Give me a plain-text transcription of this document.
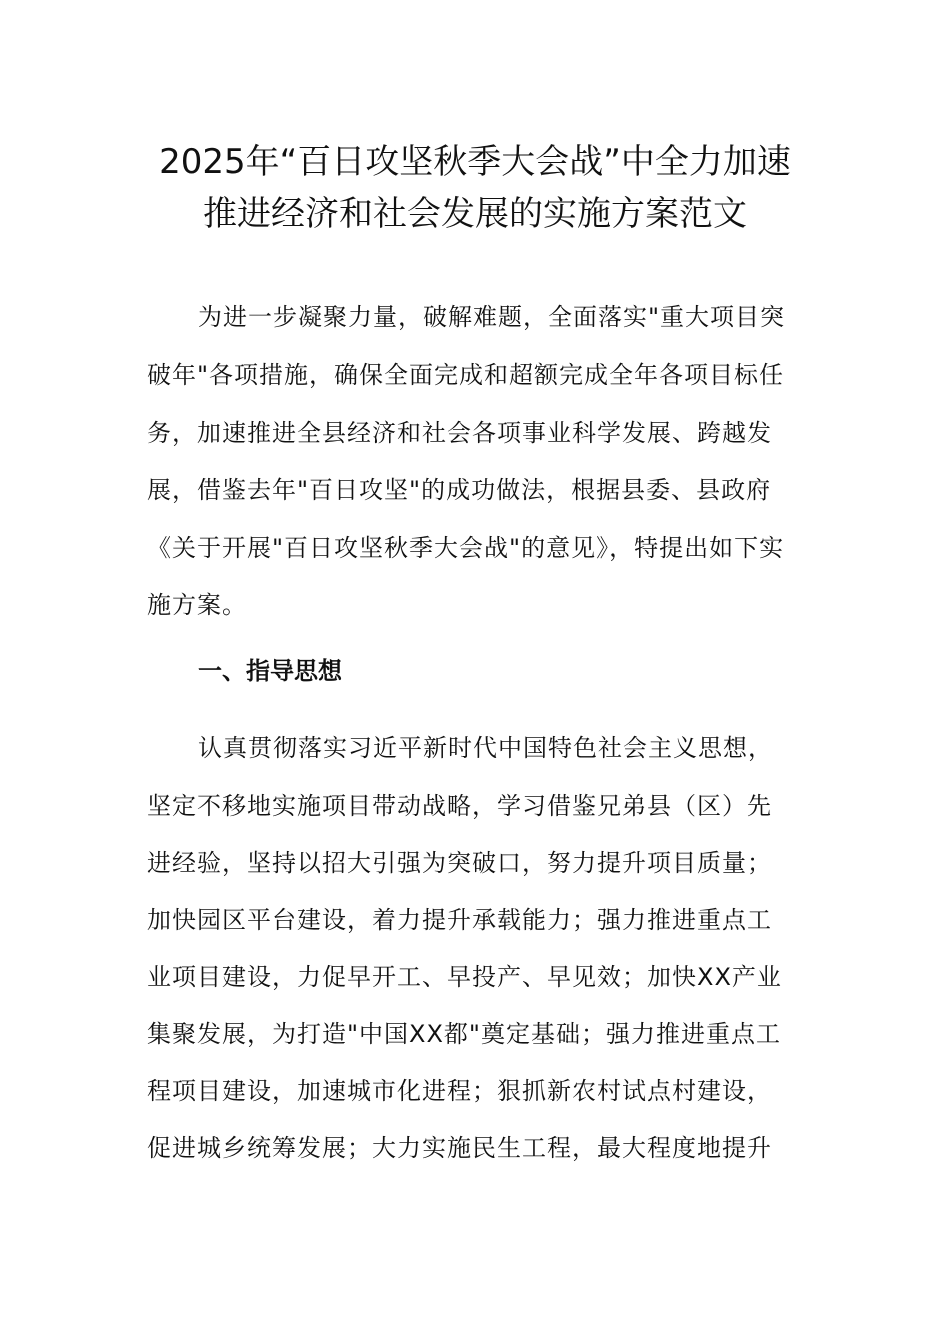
2025年“百日攻坚秋季大会战”中全力加速
推进经济和社会发展的实施方案范文
为进一步凝聚力量，破解难题，全面落实"重大项目突
破年"各项措施，确保全面完成和超额完成全年各项目标任
务，加速推进全县经济和社会各项事业科学发展、跨越发
展，借鉴去年"百日攻坚"的成功做法，根据县委、县政府
《关于开展"百日攻坚秋季大会战"的意见》，特提出如下实
施方案。
一、指导思想
认真贯彻落实习近平新时代中国特色社会主义思想，
坚定不移地实施项目带动战略，学习借鉴兄弟县（区）先
进经验，坚持以招大引强为突破口，努力提升项目质量；
加快园区平台建设，着力提升承载能力；强力推进重点工
业项目建设，力促早开工、早投产、早见效；加快XX产业
集聚发展，为打造"中国XX都"奠定基础；强力推进重点工
程项目建设，加速城市化进程；狠抓新农村试点村建设，
促进城乡统筹发展；大力实施民生工程，最大程度地提升
